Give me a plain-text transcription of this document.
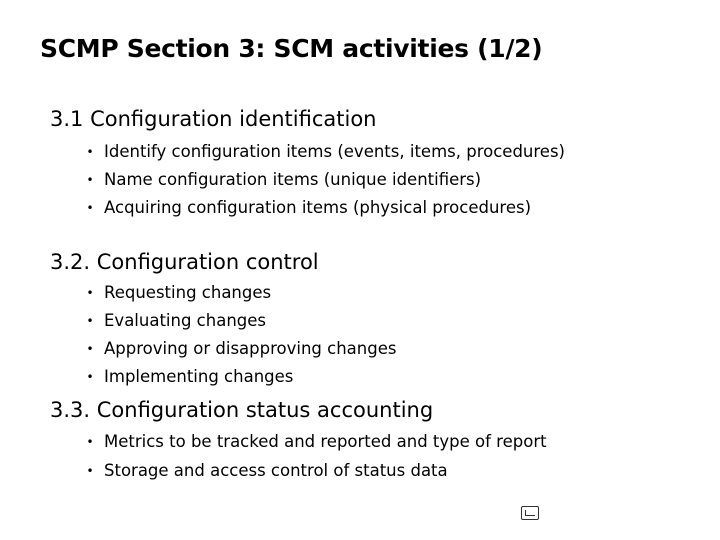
SCMP Section 3: SCM activities (1/2)
3.1 Configuration identification
• Identify configuration items (events, items, procedures)
• Name configuration items (unique identifiers)
• Acquiring configuration items (physical procedures)
3.2. Configuration control
• Requesting changes
• Evaluating changes
• Approving or disapproving changes
• Implementing changes
3.3. Configuration status accounting
• Metrics to be tracked and reported and type of report
• Storage and access control of status data
